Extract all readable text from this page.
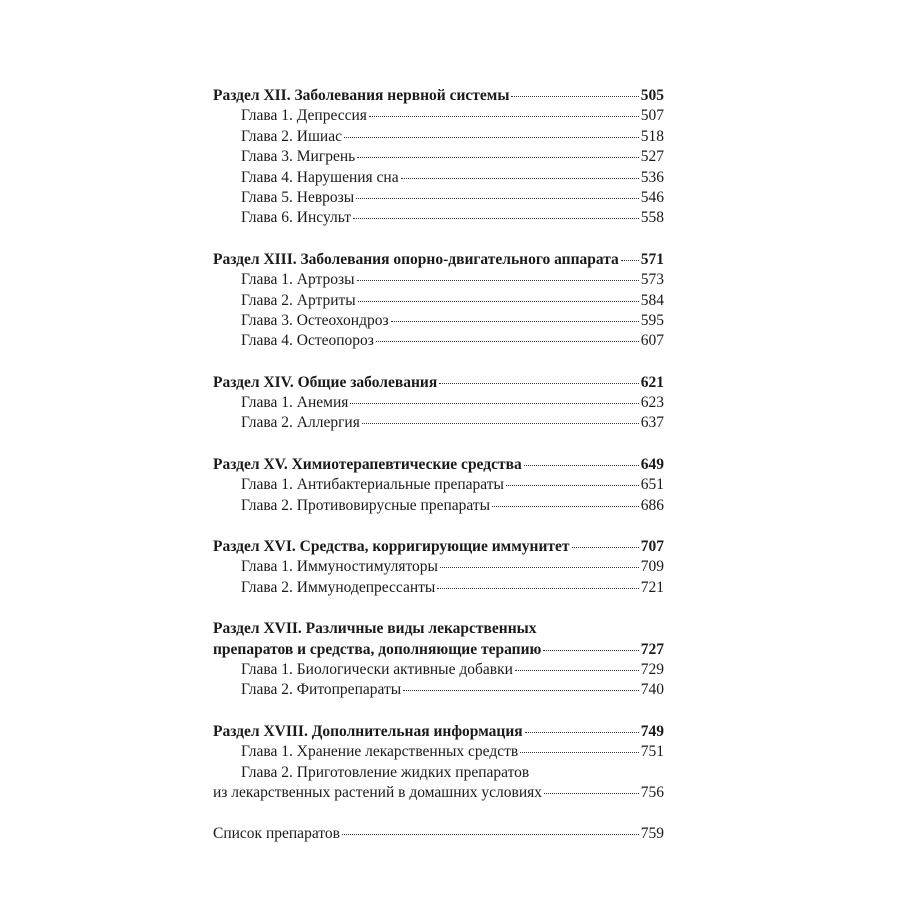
Раздел XII. Заболевания нервной системы	505
Глава 1. Депрессия	507
Глава 2. Ишиас	518
Глава 3. Мигрень	527
Глава 4. Нарушения сна	536
Глава 5. Неврозы	546
Глава 6. Инсульт	558
Раздел XIII. Заболевания опорно-двигательного аппарата 571
Глава 1. Артрозы	573
Глава 2. Артриты	584
Глава 3. Остеохондроз	595
Глава 4. Остеопороз	607
Раздел XIV. Общие заболевания	621
Глава 1. Анемия	623
Глава 2. Аллергия	637
Раздел XV. Химиотерапевтические средства	649
Глава 1. Антибактериальные препараты	651
Глава 2. Противовирусные препараты	686
Раздел XVI. Средства, корригирующие иммунитет	707
Глава 1. Иммуностимуляторы	709
Глава 2. Иммунодепрессанты	721
Раздел XVII. Различные виды лекарственных
препаратов и средства, дополняющие терапию	727
Глава 1. Биологически активные добавки	729
Глава 2. Фитопрепараты	740
Раздел XVIII. Дополнительная информация	749
Глава 1. Хранение лекарственных средств	751
Глава 2. Приготовление жидких препаратов
из лекарственных растений в домашних условиях	756
Список препаратов	759
